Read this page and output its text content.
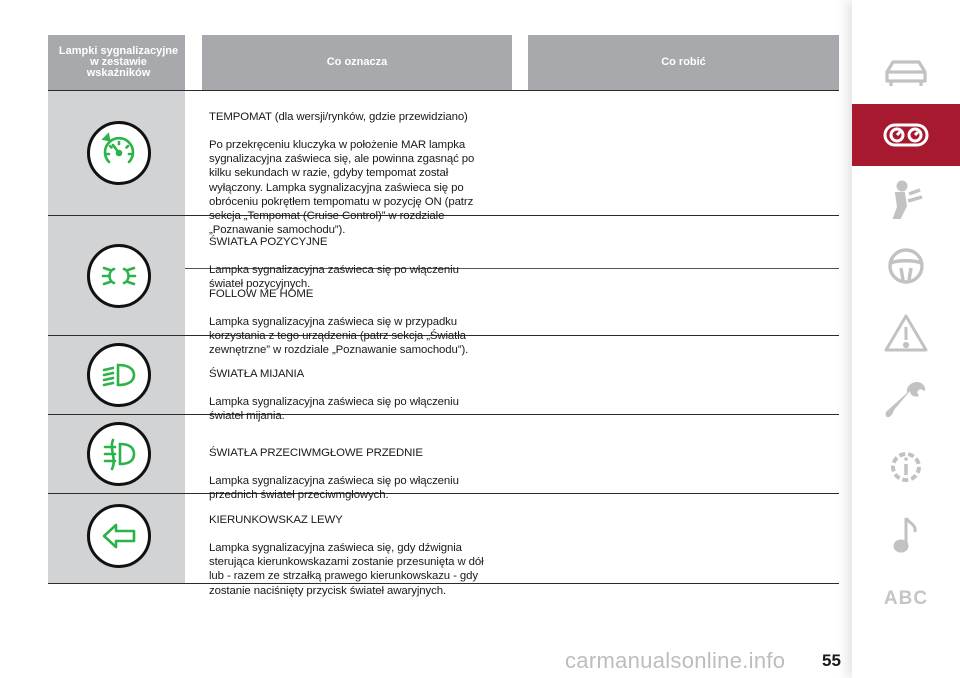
Lampki sygnalizacyjne
w zestawie
wskaźników
Co oznacza	Co robić

TEMPOMAT (dla wersji/rynków, gdzie przewidziano)

Po przekręceniu kluczyka w położenie MAR lampka
sygnalizacyjna zaświeca się, ale powinna zgasnąć po
kilku sekundach w razie, gdyby tempomat został
wyłączony. Lampka sygnalizacyjna zaświeca się po
obróceniu pokrętłem tempomatu w pozycję ON (patrz
sekcja „Tempomat (Cruise Control)” w rozdziale
„Poznawanie samochodu”).

ŚWIATŁA POZYCYJNE

Lampka sygnalizacyjna zaświeca się po włączeniu
świateł pozycyjnych.

FOLLOW ME HOME

Lampka sygnalizacyjna zaświeca się w przypadku
korzystania z tego urządzenia (patrz sekcja „Światła
zewnętrzne” w rozdziale „Poznawanie samochodu”).

ŚWIATŁA MIJANIA

Lampka sygnalizacyjna zaświeca się po włączeniu
świateł mijania.

ŚWIATŁA PRZECIWMGŁOWE PRZEDNIE

Lampka sygnalizacyjna zaświeca się po włączeniu
przednich świateł przeciwmgłowych.

KIERUNKOWSKAZ LEWY

Lampka sygnalizacyjna zaświeca się, gdy dźwignia
sterująca kierunkowskazami zostanie przesunięta w dół
lub - razem ze strzałką prawego kierunkowskazu - gdy
zostanie naciśnięty przycisk świateł awaryjnych.	ABC
carmanualsonline.info 55
